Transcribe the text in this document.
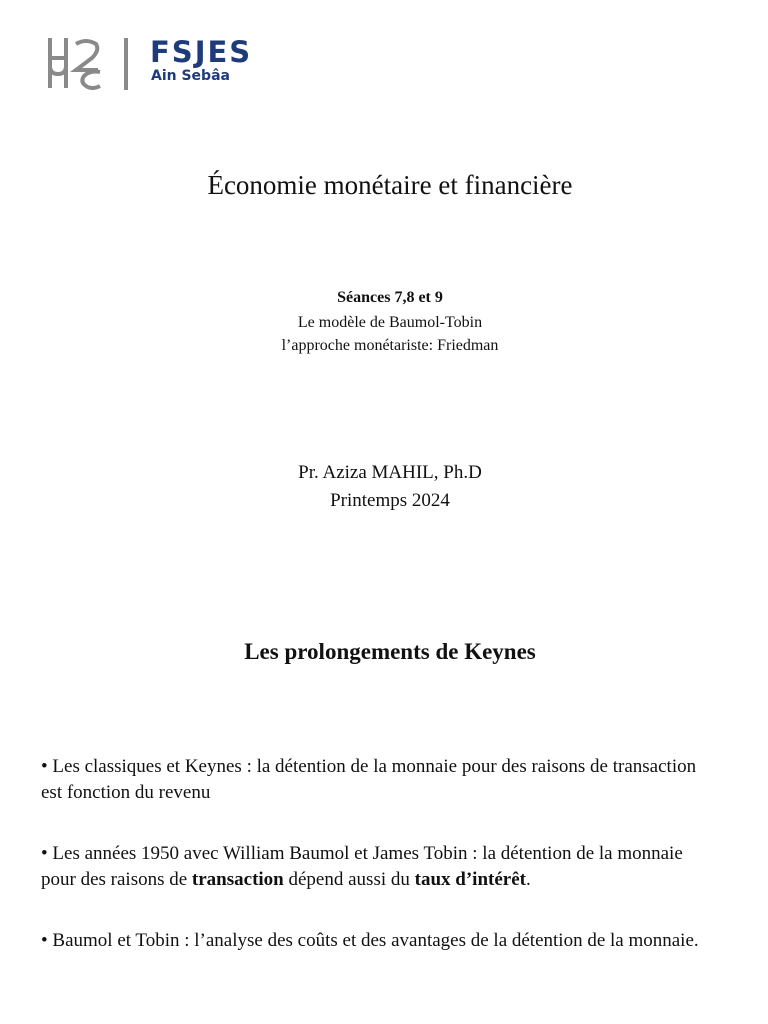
FSJES
Ain Sebâa
Économie monétaire et financière
Séances 7,8 et 9
Le modèle de Baumol-Tobin
l’approche monétariste: Friedman
Pr. Aziza MAHIL, Ph.D
Printemps 2024
Les prolongements de Keynes
• Les classiques et Keynes : la détention de la monnaie pour des raisons de transaction est fonction du revenu
• Les années 1950 avec William Baumol et James Tobin : la détention de la monnaie pour des raisons de transaction dépend aussi du taux d’intérêt.
• Baumol et Tobin : l’analyse des coûts et des avantages de la détention de la monnaie.
